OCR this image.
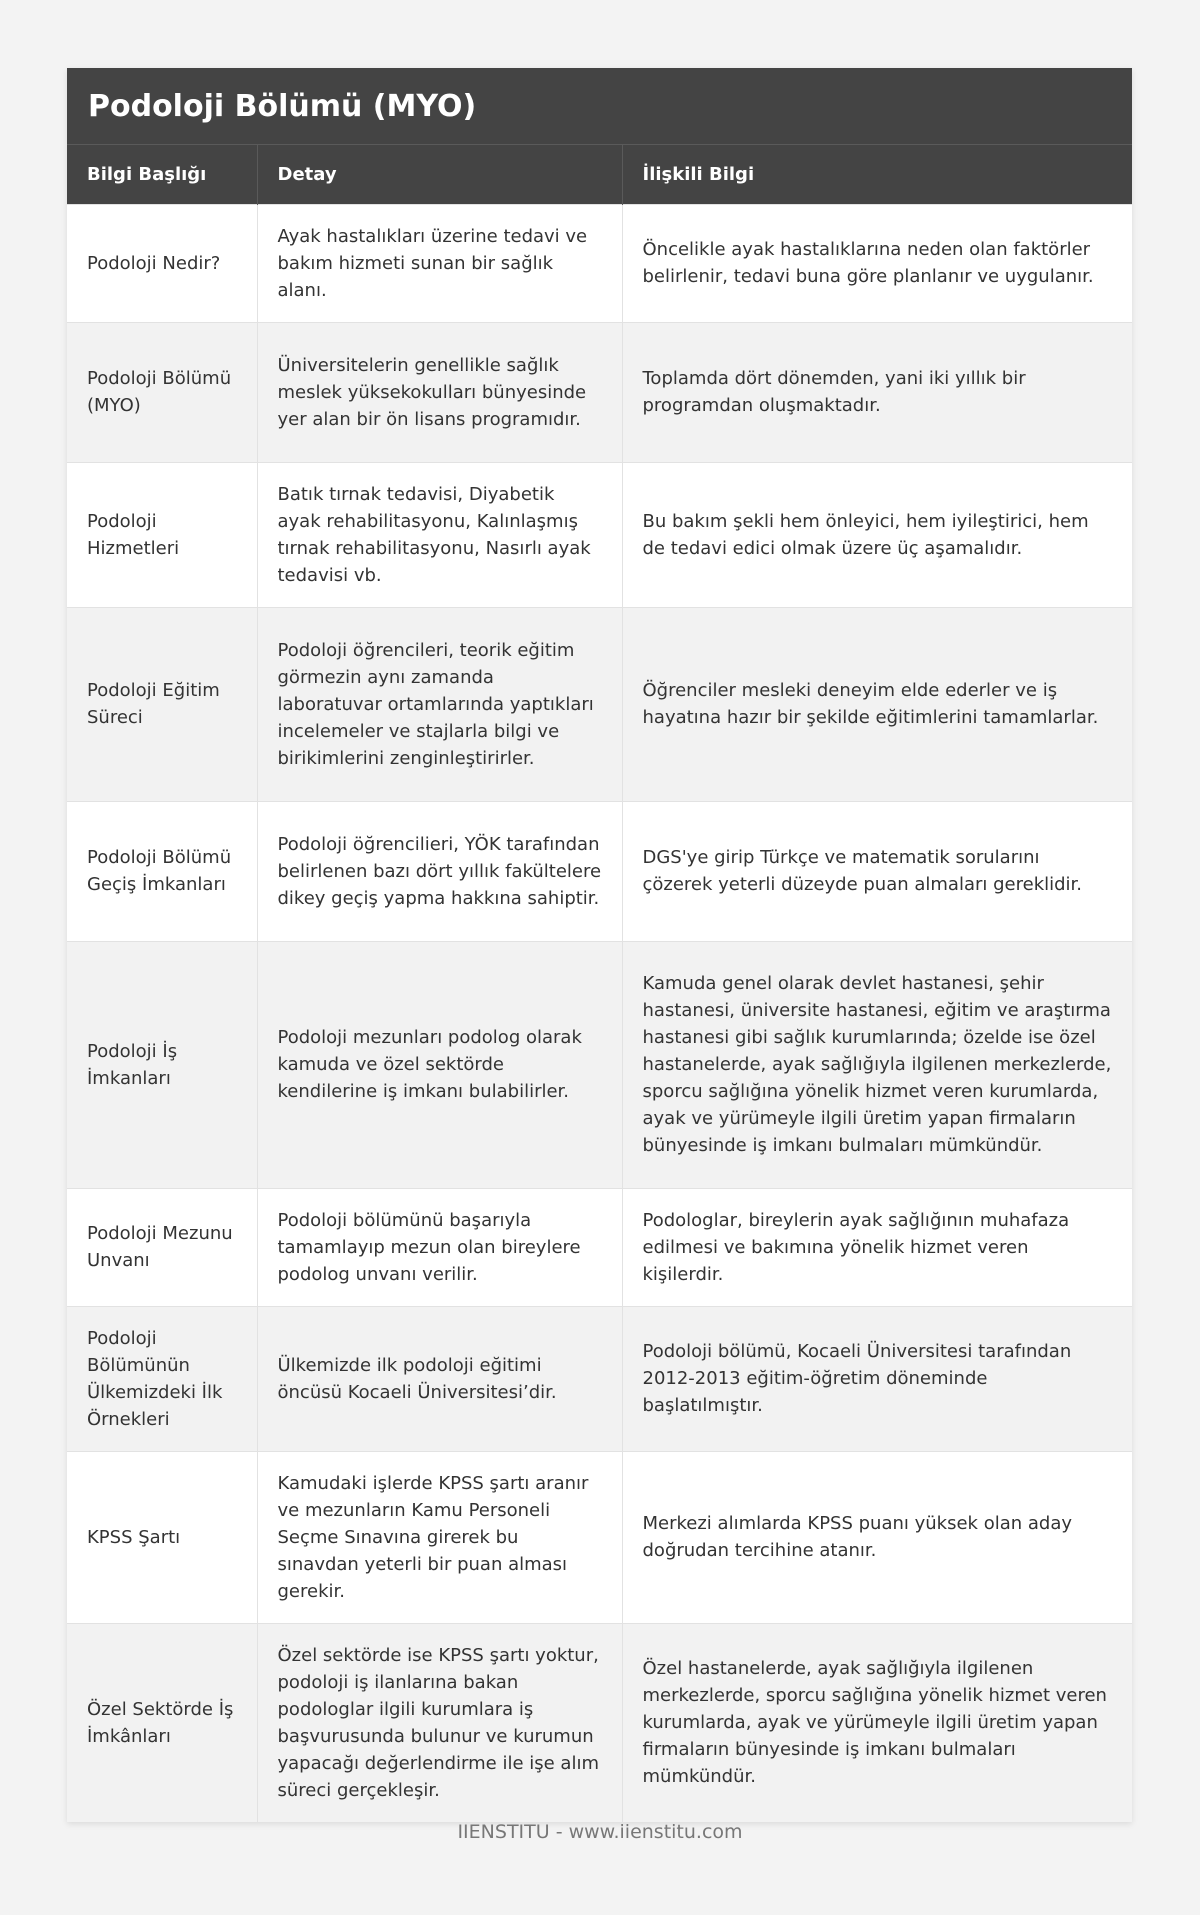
Podoloji Bölümü (MYO)
Bilgi Başlığı	Detay	İlişkili Bilgi
Podoloji Nedir?	Ayak hastalıkları üzerine tedavi ve bakım hizmeti sunan bir sağlık alanı.	Öncelikle ayak hastalıklarına neden olan faktörler belirlenir, tedavi buna göre planlanır ve uygulanır.
Podoloji Bölümü (MYO)	Üniversitelerin genellikle sağlık meslek yüksekokulları bünyesinde yer alan bir ön lisans programıdır.	Toplamda dört dönemden, yani iki yıllık bir programdan oluşmaktadır.
Podoloji Hizmetleri	Batık tırnak tedavisi, Diyabetik ayak rehabilitasyonu, Kalınlaşmış tırnak rehabilitasyonu, Nasırlı ayak tedavisi vb.	Bu bakım şekli hem önleyici, hem iyileştirici, hem de tedavi edici olmak üzere üç aşamalıdır.
Podoloji Eğitim Süreci	Podoloji öğrencileri, teorik eğitim görmezin aynı zamanda laboratuvar ortamlarında yaptıkları incelemeler ve stajlarla bilgi ve birikimlerini zenginleştirirler.	Öğrenciler mesleki deneyim elde ederler ve iş hayatına hazır bir şekilde eğitimlerini tamamlarlar.
Podoloji Bölümü Geçiş İmkanları	Podoloji öğrencilieri, YÖK tarafından belirlenen bazı dört yıllık fakültelere dikey geçiş yapma hakkına sahiptir.	DGS'ye girip Türkçe ve matematik sorularını çözerek yeterli düzeyde puan almaları gereklidir.
Podoloji İş İmkanları	Podoloji mezunları podolog olarak kamuda ve özel sektörde kendilerine iş imkanı bulabilirler.	Kamuda genel olarak devlet hastanesi, şehir hastanesi, üniversite hastanesi, eğitim ve araştırma hastanesi gibi sağlık kurumlarında; özelde ise özel hastanelerde, ayak sağlığıyla ilgilenen merkezlerde, sporcu sağlığına yönelik hizmet veren kurumlarda, ayak ve yürümeyle ilgili üretim yapan firmaların bünyesinde iş imkanı bulmaları mümkündür.
Podoloji Mezunu Unvanı	Podoloji bölümünü başarıyla tamamlayıp mezun olan bireylere podolog unvanı verilir.	Podologlar, bireylerin ayak sağlığının muhafaza edilmesi ve bakımına yönelik hizmet veren kişilerdir.
Podoloji Bölümünün Ülkemizdeki İlk Örnekleri	Ülkemizde ilk podoloji eğitimi öncüsü Kocaeli Üniversitesi’dir.	Podoloji bölümü, Kocaeli Üniversitesi tarafından 2012-2013 eğitim-öğretim döneminde başlatılmıştır.
KPSS Şartı	Kamudaki işlerde KPSS şartı aranır ve mezunların Kamu Personeli Seçme Sınavına girerek bu sınavdan yeterli bir puan alması gerekir.	Merkezi alımlarda KPSS puanı yüksek olan aday doğrudan tercihine atanır.
Özel Sektörde İş İmkânları	Özel sektörde ise KPSS şartı yoktur, podoloji iş ilanlarına bakan podologlar ilgili kurumlara iş başvurusunda bulunur ve kurumun yapacağı değerlendirme ile işe alım süreci gerçekleşir.	Özel hastanelerde, ayak sağlığıyla ilgilenen merkezlerde, sporcu sağlığına yönelik hizmet veren kurumlarda, ayak ve yürümeyle ilgili üretim yapan firmaların bünyesinde iş imkanı bulmaları mümkündür.
IIENSTITU - www.iienstitu.com
